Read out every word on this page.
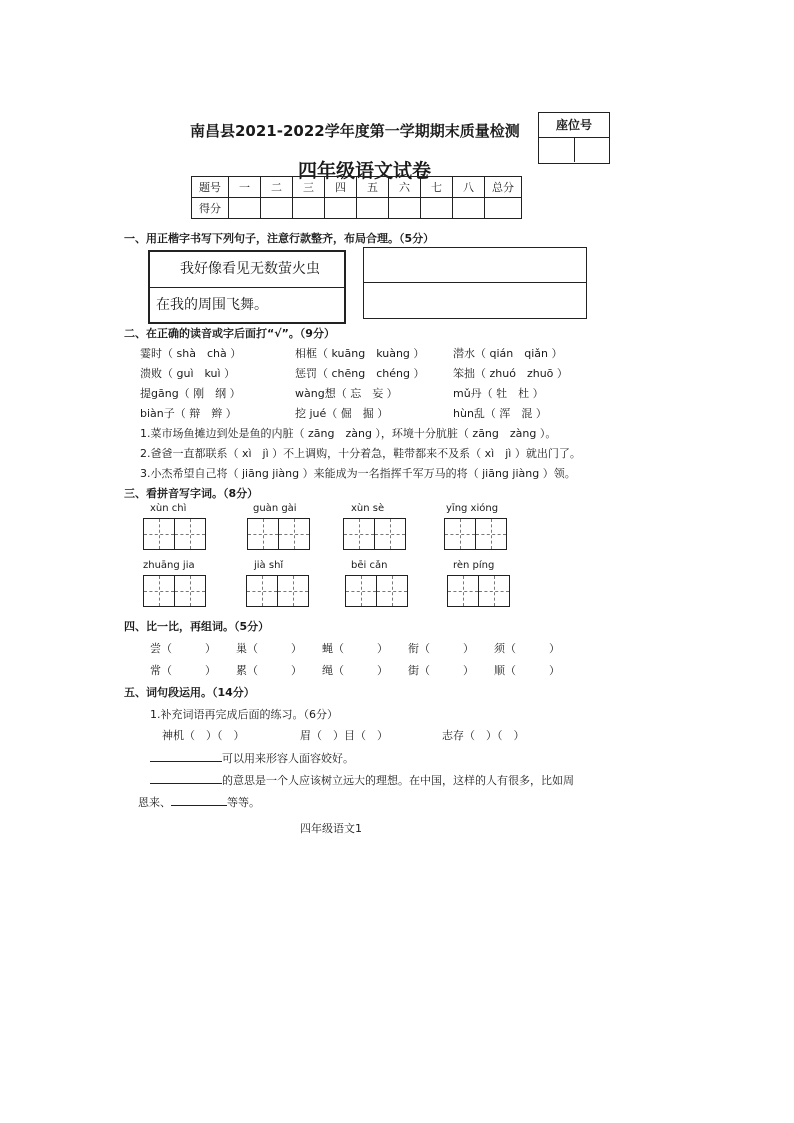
南昌县2021-2022学年度第一学期期末质量检测
四年级语文试卷
座位号
题号	一	二	三	四	五	六	七	八	总分
得分									
一、用正楷字书写下列句子，注意行款整齐，布局合理。（5分）
我好像看见无数萤火虫
在我的周围飞舞。
二、在正确的读音或字后面打“√”。（9分）
霎时（ shà　chà ）	相框（ kuāng　kuàng ）	潜水（ qián　qiǎn ）
溃败（ guì　kuì ）	惩罚（ chēng　chéng ）	笨拙（ zhuó　zhuō ）
提gāng（ 刚　纲 ）	wàng想（ 忘　妄 ）	mǔ丹（ 牡　杜 ）
biàn子（ 辩　辫 ）	挖 jué（ 倔　掘 ）	hùn乱（ 浑　混 ）
1.菜市场鱼摊边到处是鱼的内脏（ zāng　zàng ），环境十分肮脏（ zāng　zàng ）。
2.爸爸一直都联系（ xì　jì ）不上调购，十分着急，鞋带都来不及系（ xì　jì ）就出门了。
3.小杰希望自己将（ jiāng jiàng ）来能成为一名指挥千军万马的将（ jiāng jiàng ）领。
三、看拼音写字词。（8分）
xùn chì	guàn gài	xùn sè	yīng xióng
zhuāng jia	jià shǐ	bēi cǎn	rèn píng
四、比一比，再组词。（5分）
尝（　　　） 巢（　　　） 蝇（　　　） 衔（　　　） 须（　　　）
常（　　　） 累（　　　） 绳（　　　） 街（　　　） 顺（　　　）
五、词句段运用。（14分）
1.补充词语再完成后面的练习。（6分）
神机（　）（　）	眉（　）目（　）	志存（　）（　）
可以用来形容人面容姣好。
的意思是一个人应该树立远大的理想。在中国，这样的人有很多，比如周
恩来、	等等。
四年级语文1
